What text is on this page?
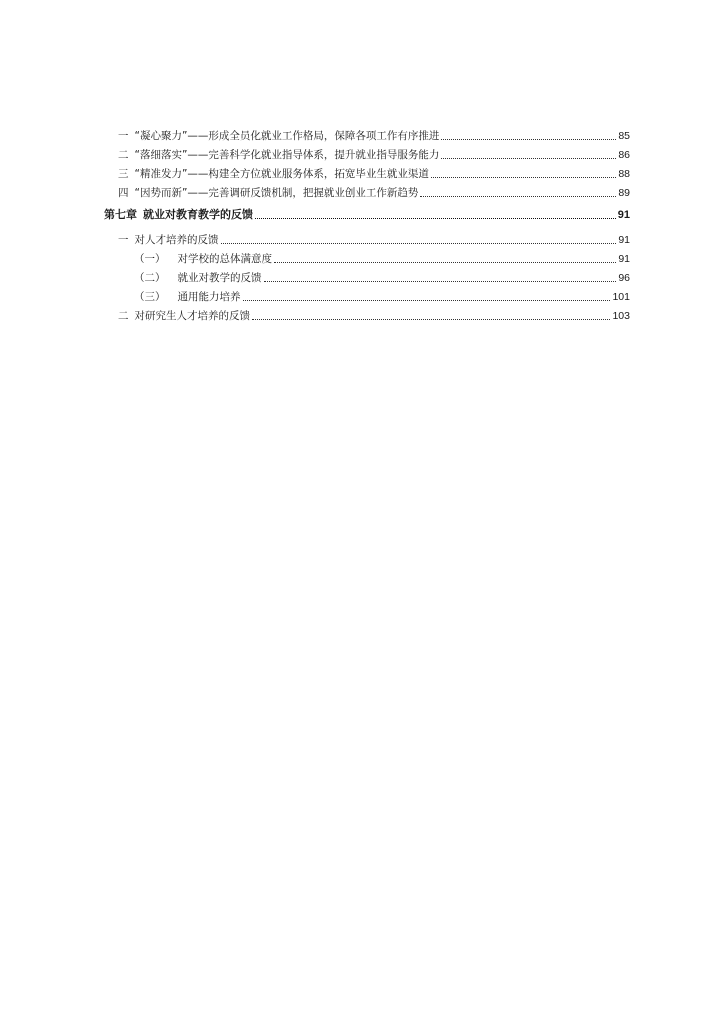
一 “凝心聚力”——形成全员化就业工作格局，保障各项工作有序推进	85
二 “落细落实”——完善科学化就业指导体系，提升就业指导服务能力	86
三 “精准发力”——构建全方位就业服务体系，拓宽毕业生就业渠道	88
四 “因势而新”——完善调研反馈机制，把握就业创业工作新趋势	89
第七章 就业对教育教学的反馈	91
一 对人才培养的反馈	91
（一） 对学校的总体满意度	91
（二） 就业对教学的反馈	96
（三） 通用能力培养	101
二 对研究生人才培养的反馈	103
